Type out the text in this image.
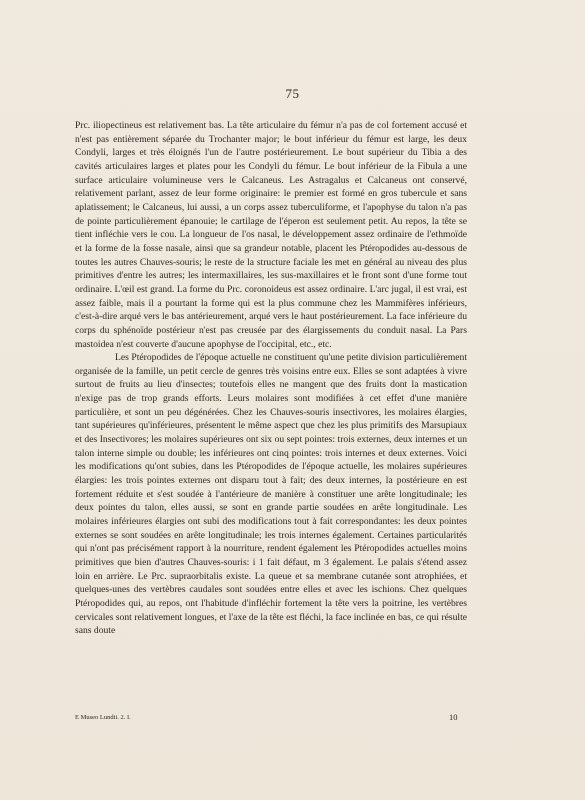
75

Prc. iliopectineus est relativement bas. La tête articulaire du fémur n'a pas de col fortement accusé et n'est pas entièrement séparée du Trochanter major; le bout inférieur du fémur est large, les deux Condyli, larges et très éloignés l'un de l'autre postérieurement. Le bout supérieur du Tibia a des cavités articulaires larges et plates pour les Condyli du fémur. Le bout inférieur de la Fibula a une surface articulaire volumineuse vers le Calcaneus. Les Astragalus et Calcaneus ont conservé, relativement parlant, assez de leur forme originaire: le premier est formé en gros tubercule et sans aplatissement; le Calcaneus, lui aussi, a un corps assez tuberculiforme, et l'apophyse du talon n'a pas de pointe particulièrement épanouie; le cartilage de l'éperon est seulement petit. Au repos, la tête se tient infléchie vers le cou. La longueur de l'os nasal, le développement assez ordinaire de l'ethmoïde et la forme de la fosse nasale, ainsi que sa grandeur notable, placent les Ptéropodides au-dessous de toutes les autres Chauves-souris; le reste de la structure faciale les met en général au niveau des plus primitives d'entre les autres; les intermaxillaires, les sus-maxillaires et le front sont d'une forme tout ordinaire. L'œil est grand. La forme du Prc. coronoideus est assez ordinaire. L'arc jugal, il est vrai, est assez faible, mais il a pourtant la forme qui est la plus commune chez les Mammifères inférieurs, c'est-à-dire arqué vers le bas antérieurement, arqué vers le haut postérieurement. La face inférieure du corps du sphénoïde postérieur n'est pas creusée par des élargissements du conduit nasal. La Pars mastoidea n'est couverte d'aucune apophyse de l'occipital, etc., etc.

Les Ptéropodides de l'époque actuelle ne constituent qu'une petite division particulièrement organisée de la famille, un petit cercle de genres très voisins entre eux. Elles se sont adaptées à vivre surtout de fruits au lieu d'insectes; toutefois elles ne mangent que des fruits dont la mastication n'exige pas de trop grands efforts. Leurs molaires sont modifiées à cet effet d'une manière particulière, et sont un peu dégénérées. Chez les Chauves-souris insectivores, les molaires élargies, tant supérieures qu'inférieures, présentent le même aspect que chez les plus primitifs des Marsupiaux et des Insectivores; les molaires supérieures ont six ou sept pointes: trois externes, deux internes et un talon interne simple ou double; les inférieures ont cinq pointes: trois internes et deux externes. Voici les modifications qu'ont subies, dans les Ptéropodides de l'époque actuelle, les molaires supérieures élargies: les trois pointes externes ont disparu tout à fait; des deux internes, la postérieure en est fortement réduite et s'est soudée à l'antérieure de manière à constituer une arête longitudinale; les deux pointes du talon, elles aussi, se sont en grande partie soudées en arête longitudinale. Les molaires inférieures élargies ont subi des modifications tout à fait correspondantes: les deux pointes externes se sont soudées en arête longitudinale; les trois internes également. Certaines particularités qui n'ont pas précisément rapport à la nourriture, rendent également les Ptéropodides actuelles moins primitives que bien d'autres Chauves-souris: i 1 fait défaut, m 3 également. Le palais s'étend assez loin en arrière. Le Prc. supraorbitalis existe. La queue et sa membrane cutanée sont atrophiées, et quelques-unes des vertèbres caudales sont soudées entre elles et avec les ischions. Chez quelques Ptéropodides qui, au repos, ont l'habitude d'infléchir fortement la tête vers la poitrine, les vertèbres cervicales sont relativement longues, et l'axe de la tête est fléchi, la face inclinée en bas, ce qui résulte sans doute

E Museo Lundii. 2. I.	10
